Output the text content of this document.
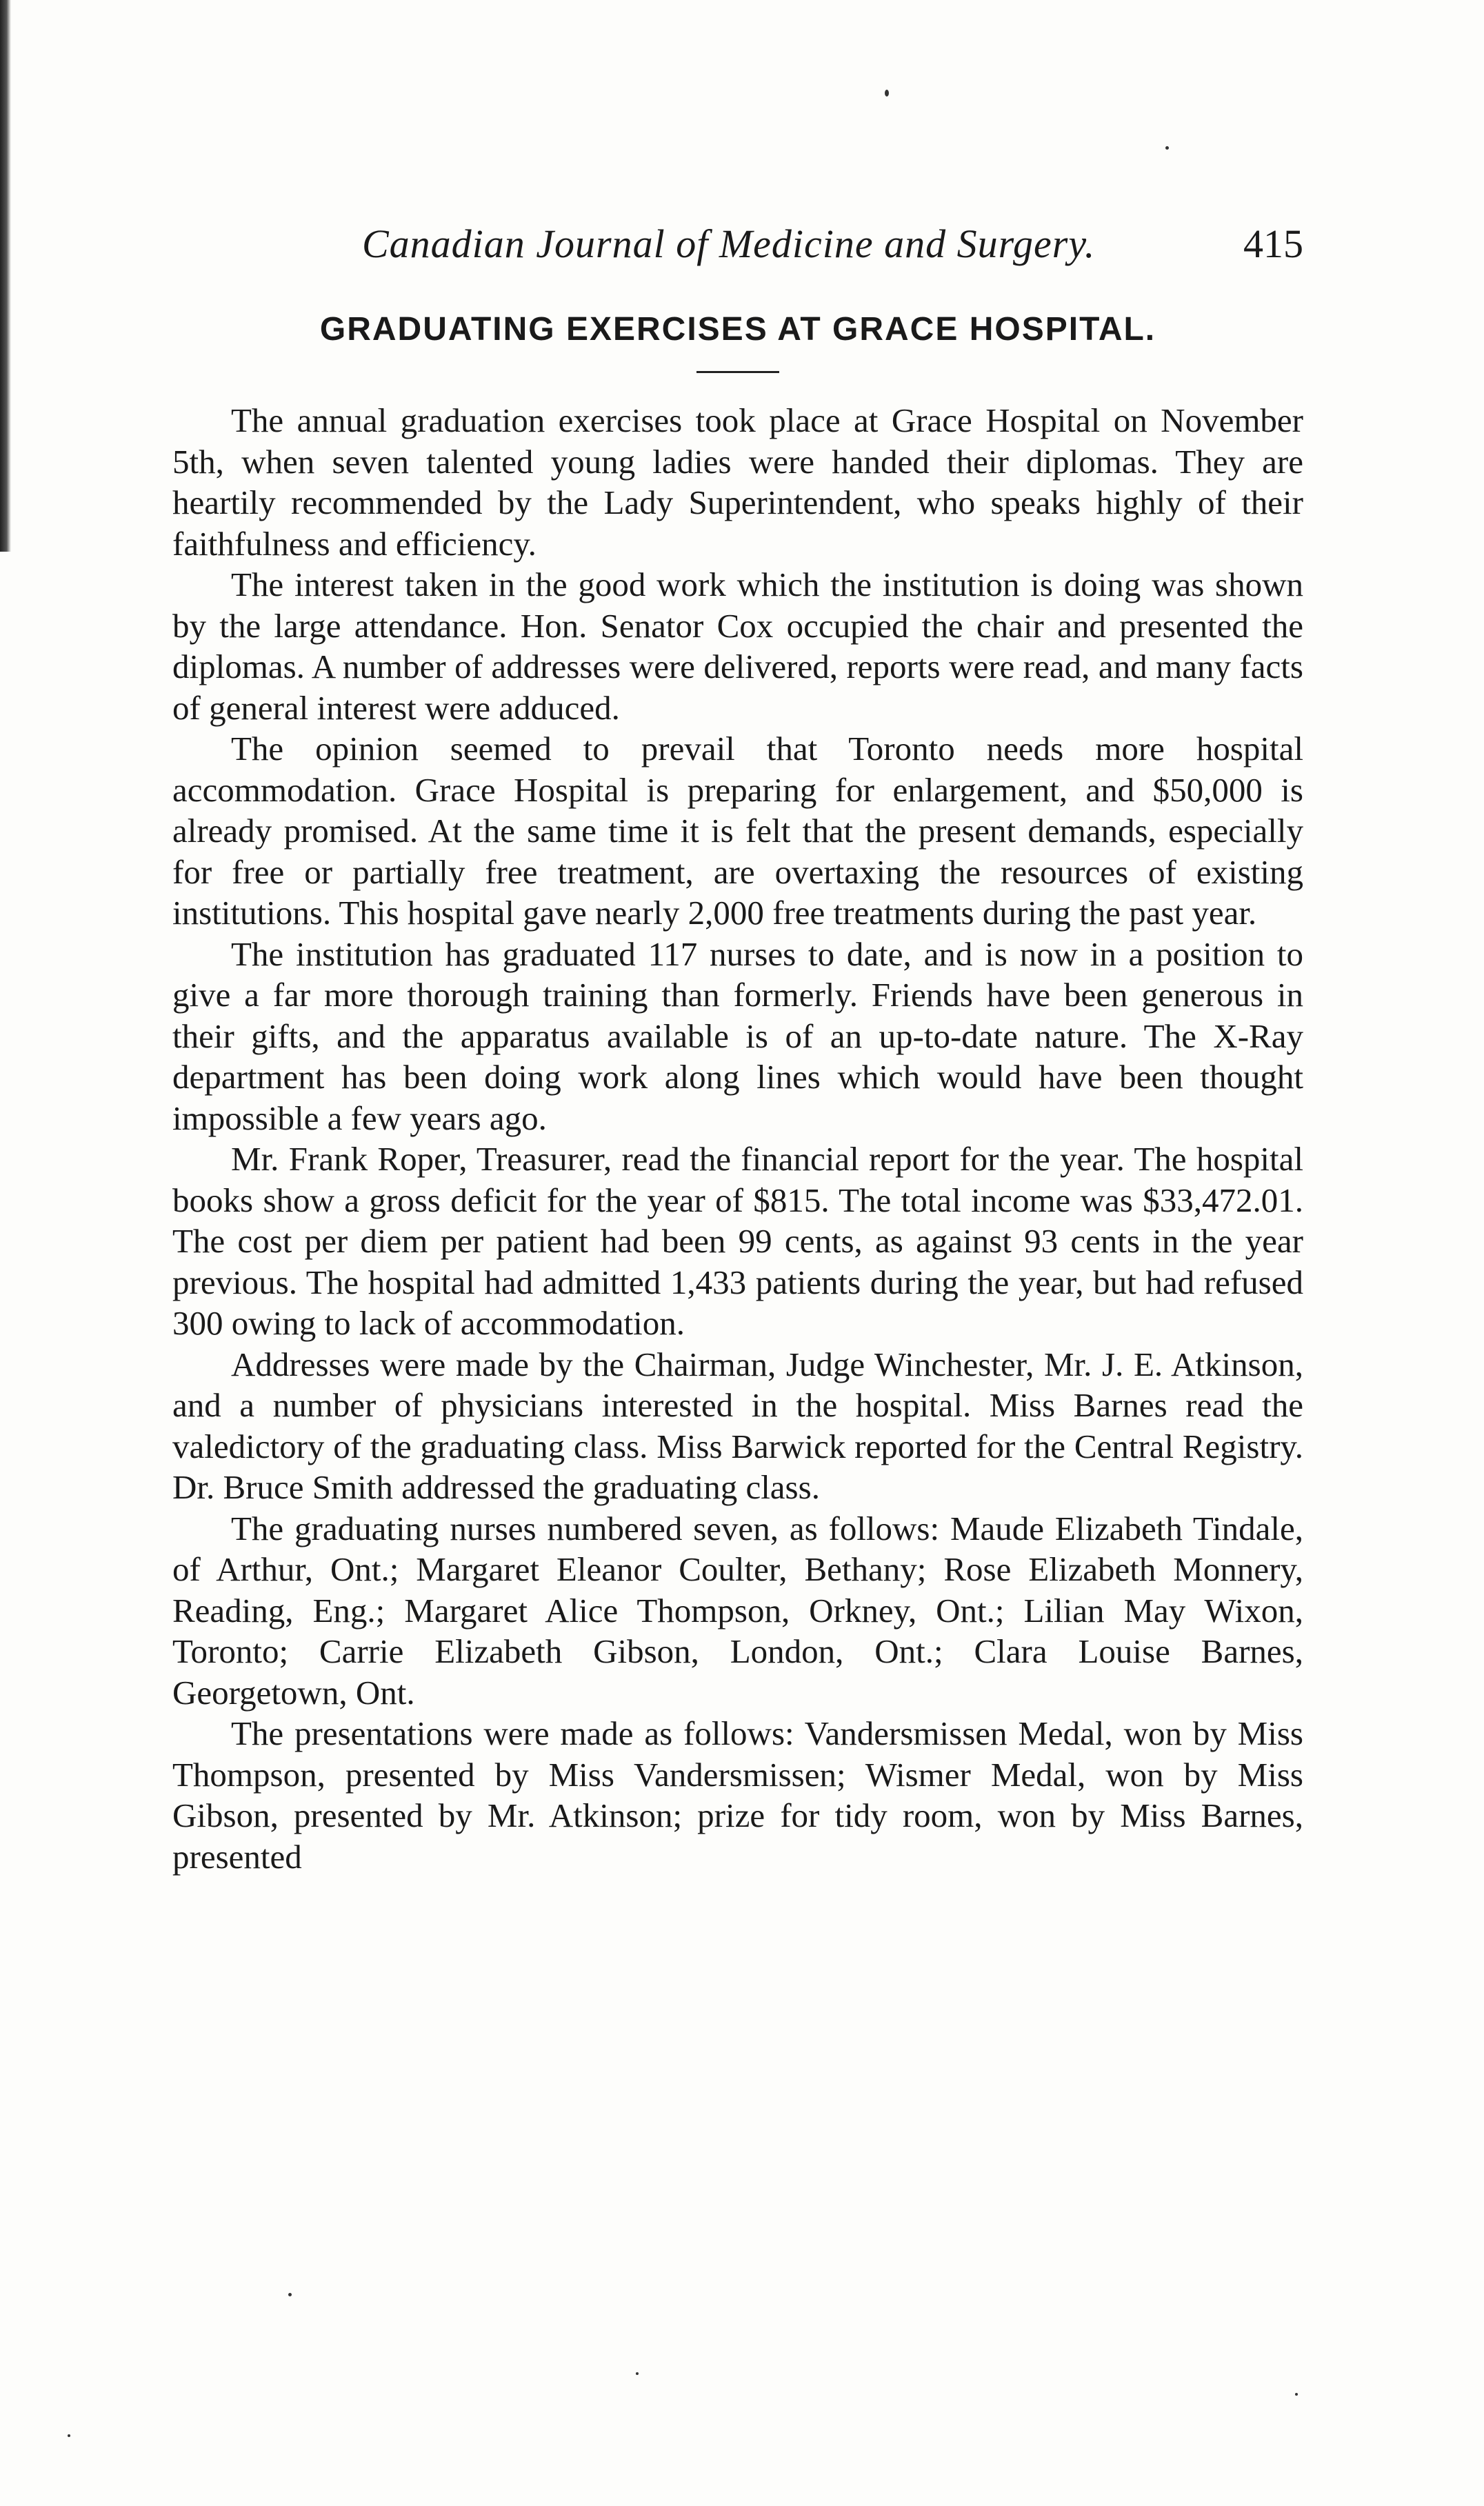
Canadian Journal of Medicine and Surgery.	415
GRADUATING EXERCISES AT GRACE HOSPITAL.

The annual graduation exercises took place at Grace Hospital on November 5th, when seven talented young ladies were handed their diplomas. They are heartily recommended by the Lady Superintendent, who speaks highly of their faithfulness and efficiency.

The interest taken in the good work which the institution is doing was shown by the large attendance. Hon. Senator Cox occupied the chair and presented the diplomas. A number of addresses were delivered, reports were read, and many facts of general interest were adduced.

The opinion seemed to prevail that Toronto needs more hospital accommodation. Grace Hospital is preparing for enlargement, and $50,000 is already promised. At the same time it is felt that the present demands, especially for free or partially free treatment, are overtaxing the resources of existing institutions. This hospital gave nearly 2,000 free treatments during the past year.

The institution has graduated 117 nurses to date, and is now in a position to give a far more thorough training than formerly. Friends have been generous in their gifts, and the apparatus available is of an up-to-date nature. The X-Ray department has been doing work along lines which would have been thought impossible a few years ago.

Mr. Frank Roper, Treasurer, read the financial report for the year. The hospital books show a gross deficit for the year of $815. The total income was $33,472.01. The cost per diem per patient had been 99 cents, as against 93 cents in the year previous. The hospital had admitted 1,433 patients during the year, but had refused 300 owing to lack of accommodation.

Addresses were made by the Chairman, Judge Winchester, Mr. J. E. Atkinson, and a number of physicians interested in the hospital. Miss Barnes read the valedictory of the graduating class. Miss Barwick reported for the Central Registry. Dr. Bruce Smith addressed the graduating class.

The graduating nurses numbered seven, as follows: Maude Elizabeth Tindale, of Arthur, Ont.; Margaret Eleanor Coulter, Bethany; Rose Elizabeth Monnery, Reading, Eng.; Margaret Alice Thompson, Orkney, Ont.; Lilian May Wixon, Toronto; Carrie Elizabeth Gibson, London, Ont.; Clara Louise Barnes, Georgetown, Ont.

The presentations were made as follows: Vandersmissen Medal, won by Miss Thompson, presented by Miss Vandersmissen; Wismer Medal, won by Miss Gibson, presented by Mr. Atkinson; prize for tidy room, won by Miss Barnes, presented
